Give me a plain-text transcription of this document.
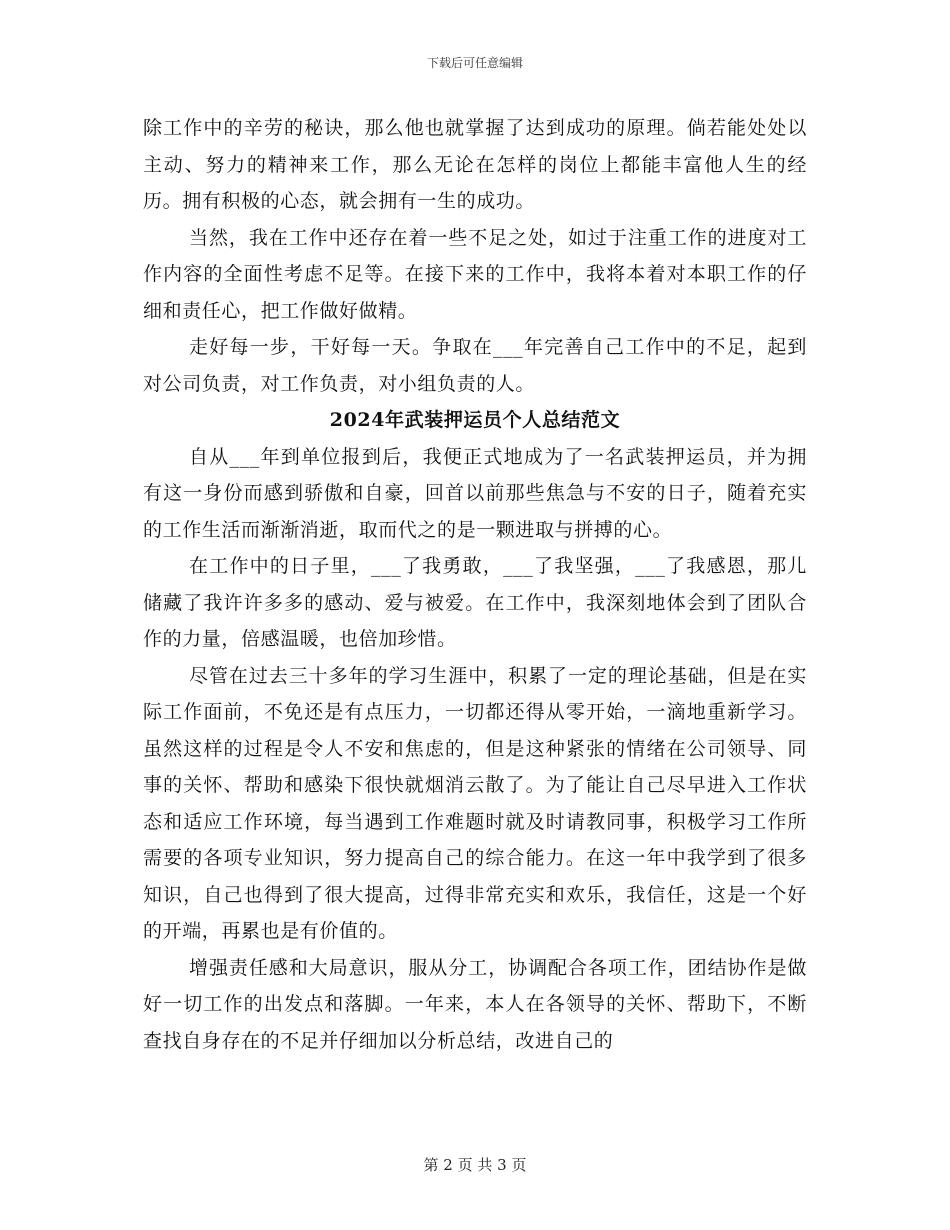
下载后可任意编辑

除工作中的辛劳的秘诀，那么他也就掌握了达到成功的原理。倘若能处处以主动、努力的精神来工作，那么无论在怎样的岗位上都能丰富他人生的经历。拥有积极的心态，就会拥有一生的成功。

当然，我在工作中还存在着一些不足之处，如过于注重工作的进度对工作内容的全面性考虑不足等。在接下来的工作中，我将本着对本职工作的仔细和责任心，把工作做好做精。

走好每一步，干好每一天。争取在___年完善自己工作中的不足，起到对公司负责，对工作负责，对小组负责的人。

2024年武装押运员个人总结范文

自从___年到单位报到后，我便正式地成为了一名武装押运员，并为拥有这一身份而感到骄傲和自豪，回首以前那些焦急与不安的日子，随着充实的工作生活而渐渐消逝，取而代之的是一颗进取与拼搏的心。

在工作中的日子里，___了我勇敢，___了我坚强，___了我感恩，那儿储藏了我许许多多的感动、爱与被爱。在工作中，我深刻地体会到了团队合作的力量，倍感温暖，也倍加珍惜。

尽管在过去三十多年的学习生涯中，积累了一定的理论基础，但是在实际工作面前，不免还是有点压力，一切都还得从零开始，一滴地重新学习。虽然这样的过程是令人不安和焦虑的，但是这种紧张的情绪在公司领导、同事的关怀、帮助和感染下很快就烟消云散了。为了能让自己尽早进入工作状态和适应工作环境，每当遇到工作难题时就及时请教同事，积极学习工作所需要的各项专业知识，努力提高自己的综合能力。在这一年中我学到了很多知识，自己也得到了很大提高，过得非常充实和欢乐，我信任，这是一个好的开端，再累也是有价值的。

增强责任感和大局意识，服从分工，协调配合各项工作，团结协作是做好一切工作的出发点和落脚。一年来，本人在各领导的关怀、帮助下，不断查找自身存在的不足并仔细加以分析总结，改进自己的

第 2 页 共 3 页
